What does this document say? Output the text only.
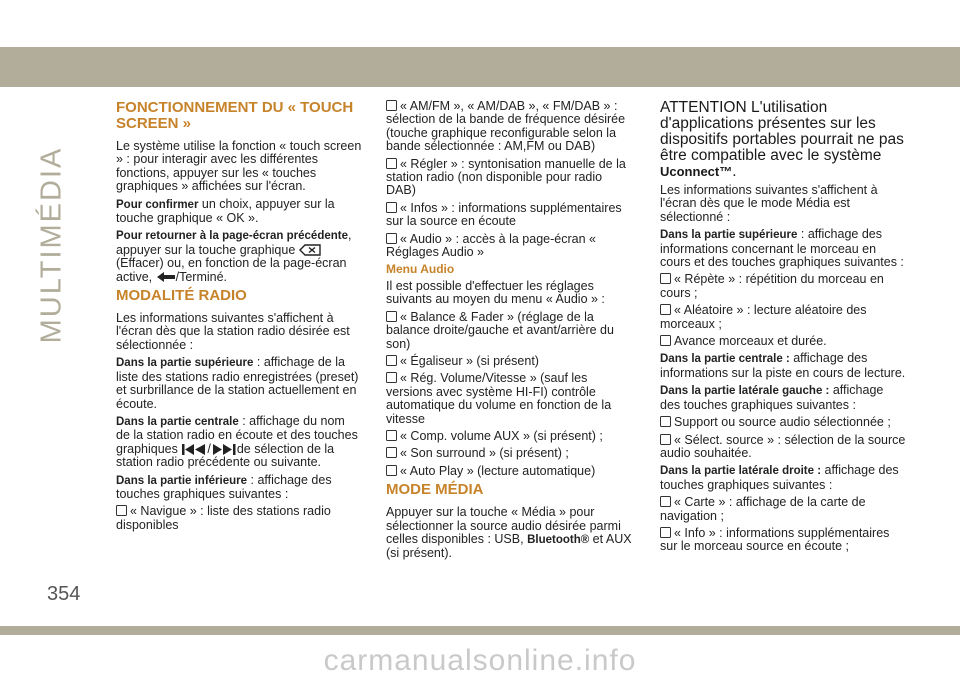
MULTIMÉDIA
FONCTIONNEMENT DU « TOUCH SCREEN »

Le système utilise la fonction « touch screen » : pour interagir avec les différentes fonctions, appuyer sur les « touches graphiques » affichées sur l'écran.

Pour confirmer un choix, appuyer sur la touche graphique « OK ».

Pour retourner à la page-écran précédente, appuyer sur la touche graphique  (Effacer) ou, en fonction de la page-écran active, /Terminé.

MODALITÉ RADIO

Les informations suivantes s'affichent à l'écran dès que la station radio désirée est sélectionnée :

Dans la partie supérieure : affichage de la liste des stations radio enregistrées (preset) et surbrillance de la station actuellement en écoute.

Dans la partie centrale : affichage du nom de la station radio en écoute et des touches graphiques / de sélection de la station radio précédente ou suivante.

Dans la partie inférieure : affichage des touches graphiques suivantes :

« Navigue » : liste des stations radio disponibles

« AM/FM », « AM/DAB », « FM/DAB » : sélection de la bande de fréquence désirée (touche graphique reconfigurable selon la bande sélectionnée : AM,FM ou DAB)

« Régler » : syntonisation manuelle de la station radio (non disponible pour radio DAB)

« Infos » : informations supplémentaires sur la source en écoute

« Audio » : accès à la page-écran « Réglages Audio »

Menu Audio

Il est possible d'effectuer les réglages suivants au moyen du menu « Audio » :

« Balance & Fader » (réglage de la balance droite/gauche et avant/arrière du son)

« Égaliseur » (si présent)

« Rég. Volume/Vitesse » (sauf les versions avec système HI-FI) contrôle automatique du volume en fonction de la vitesse

« Comp. volume AUX » (si présent) ;

« Son surround » (si présent) ;

« Auto Play » (lecture automatique)

MODE MÉDIA

Appuyer sur la touche « Média » pour sélectionner la source audio désirée parmi celles disponibles : USB, Bluetooth® et AUX (si présent).

ATTENTION L'utilisation d'applications présentes sur les dispositifs portables pourrait ne pas être compatible avec le système Uconnect™.

Les informations suivantes s'affichent à l'écran dès que le mode Média est sélectionné :

Dans la partie supérieure : affichage des informations concernant le morceau en cours et des touches graphiques suivantes :

« Répète » : répétition du morceau en cours ;

« Aléatoire » : lecture aléatoire des morceaux ;

Avance morceaux et durée.

Dans la partie centrale : affichage des informations sur la piste en cours de lecture.

Dans la partie latérale gauche : affichage des touches graphiques suivantes :

Support ou source audio sélectionnée ;

« Sélect. source » : sélection de la source audio souhaitée.

Dans la partie latérale droite : affichage des touches graphiques suivantes :

« Carte » : affichage de la carte de navigation ;

« Info » : informations supplémentaires sur le morceau source en écoute ;

354
carmanualsonline.info
